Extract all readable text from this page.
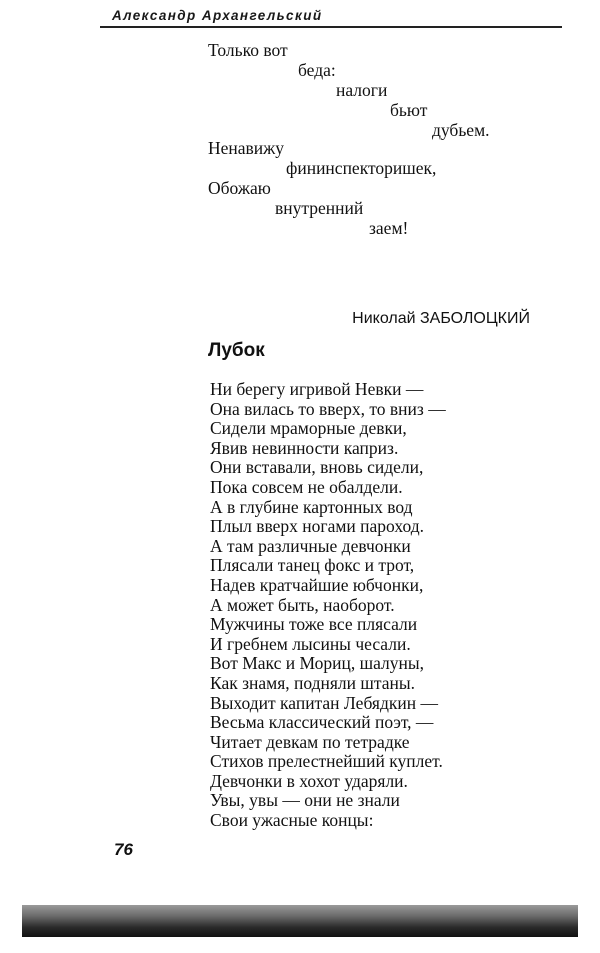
Александр Архангельский
Только вот
беда:
налоги
бьют
дубьем.
Ненавижу
фининспекторишек,
Обожаю
внутренний
заем!
Николай ЗАБОЛОЦКИЙ
Лубок
Ни берегу игривой Невки —
Она вилась то вверх, то вниз —
Сидели мраморные девки,
Явив невинности каприз.
Они вставали, вновь сидели,
Пока совсем не обалдели.
А в глубине картонных вод
Плыл вверх ногами пароход.
А там различные девчонки
Плясали танец фокс и трот,
Надев кратчайшие юбчонки,
А может быть, наоборот.
Мужчины тоже все плясали
И гребнем лысины чесали.
Вот Макс и Мориц, шалуны,
Как знамя, подняли штаны.
Выходит капитан Лебядкин —
Весьма классический поэт, —
Читает девкам по тетрадке
Стихов прелестнейший куплет.
Девчонки в хохот ударяли.
Увы, увы — они не знали
Свои ужасные концы:
76
